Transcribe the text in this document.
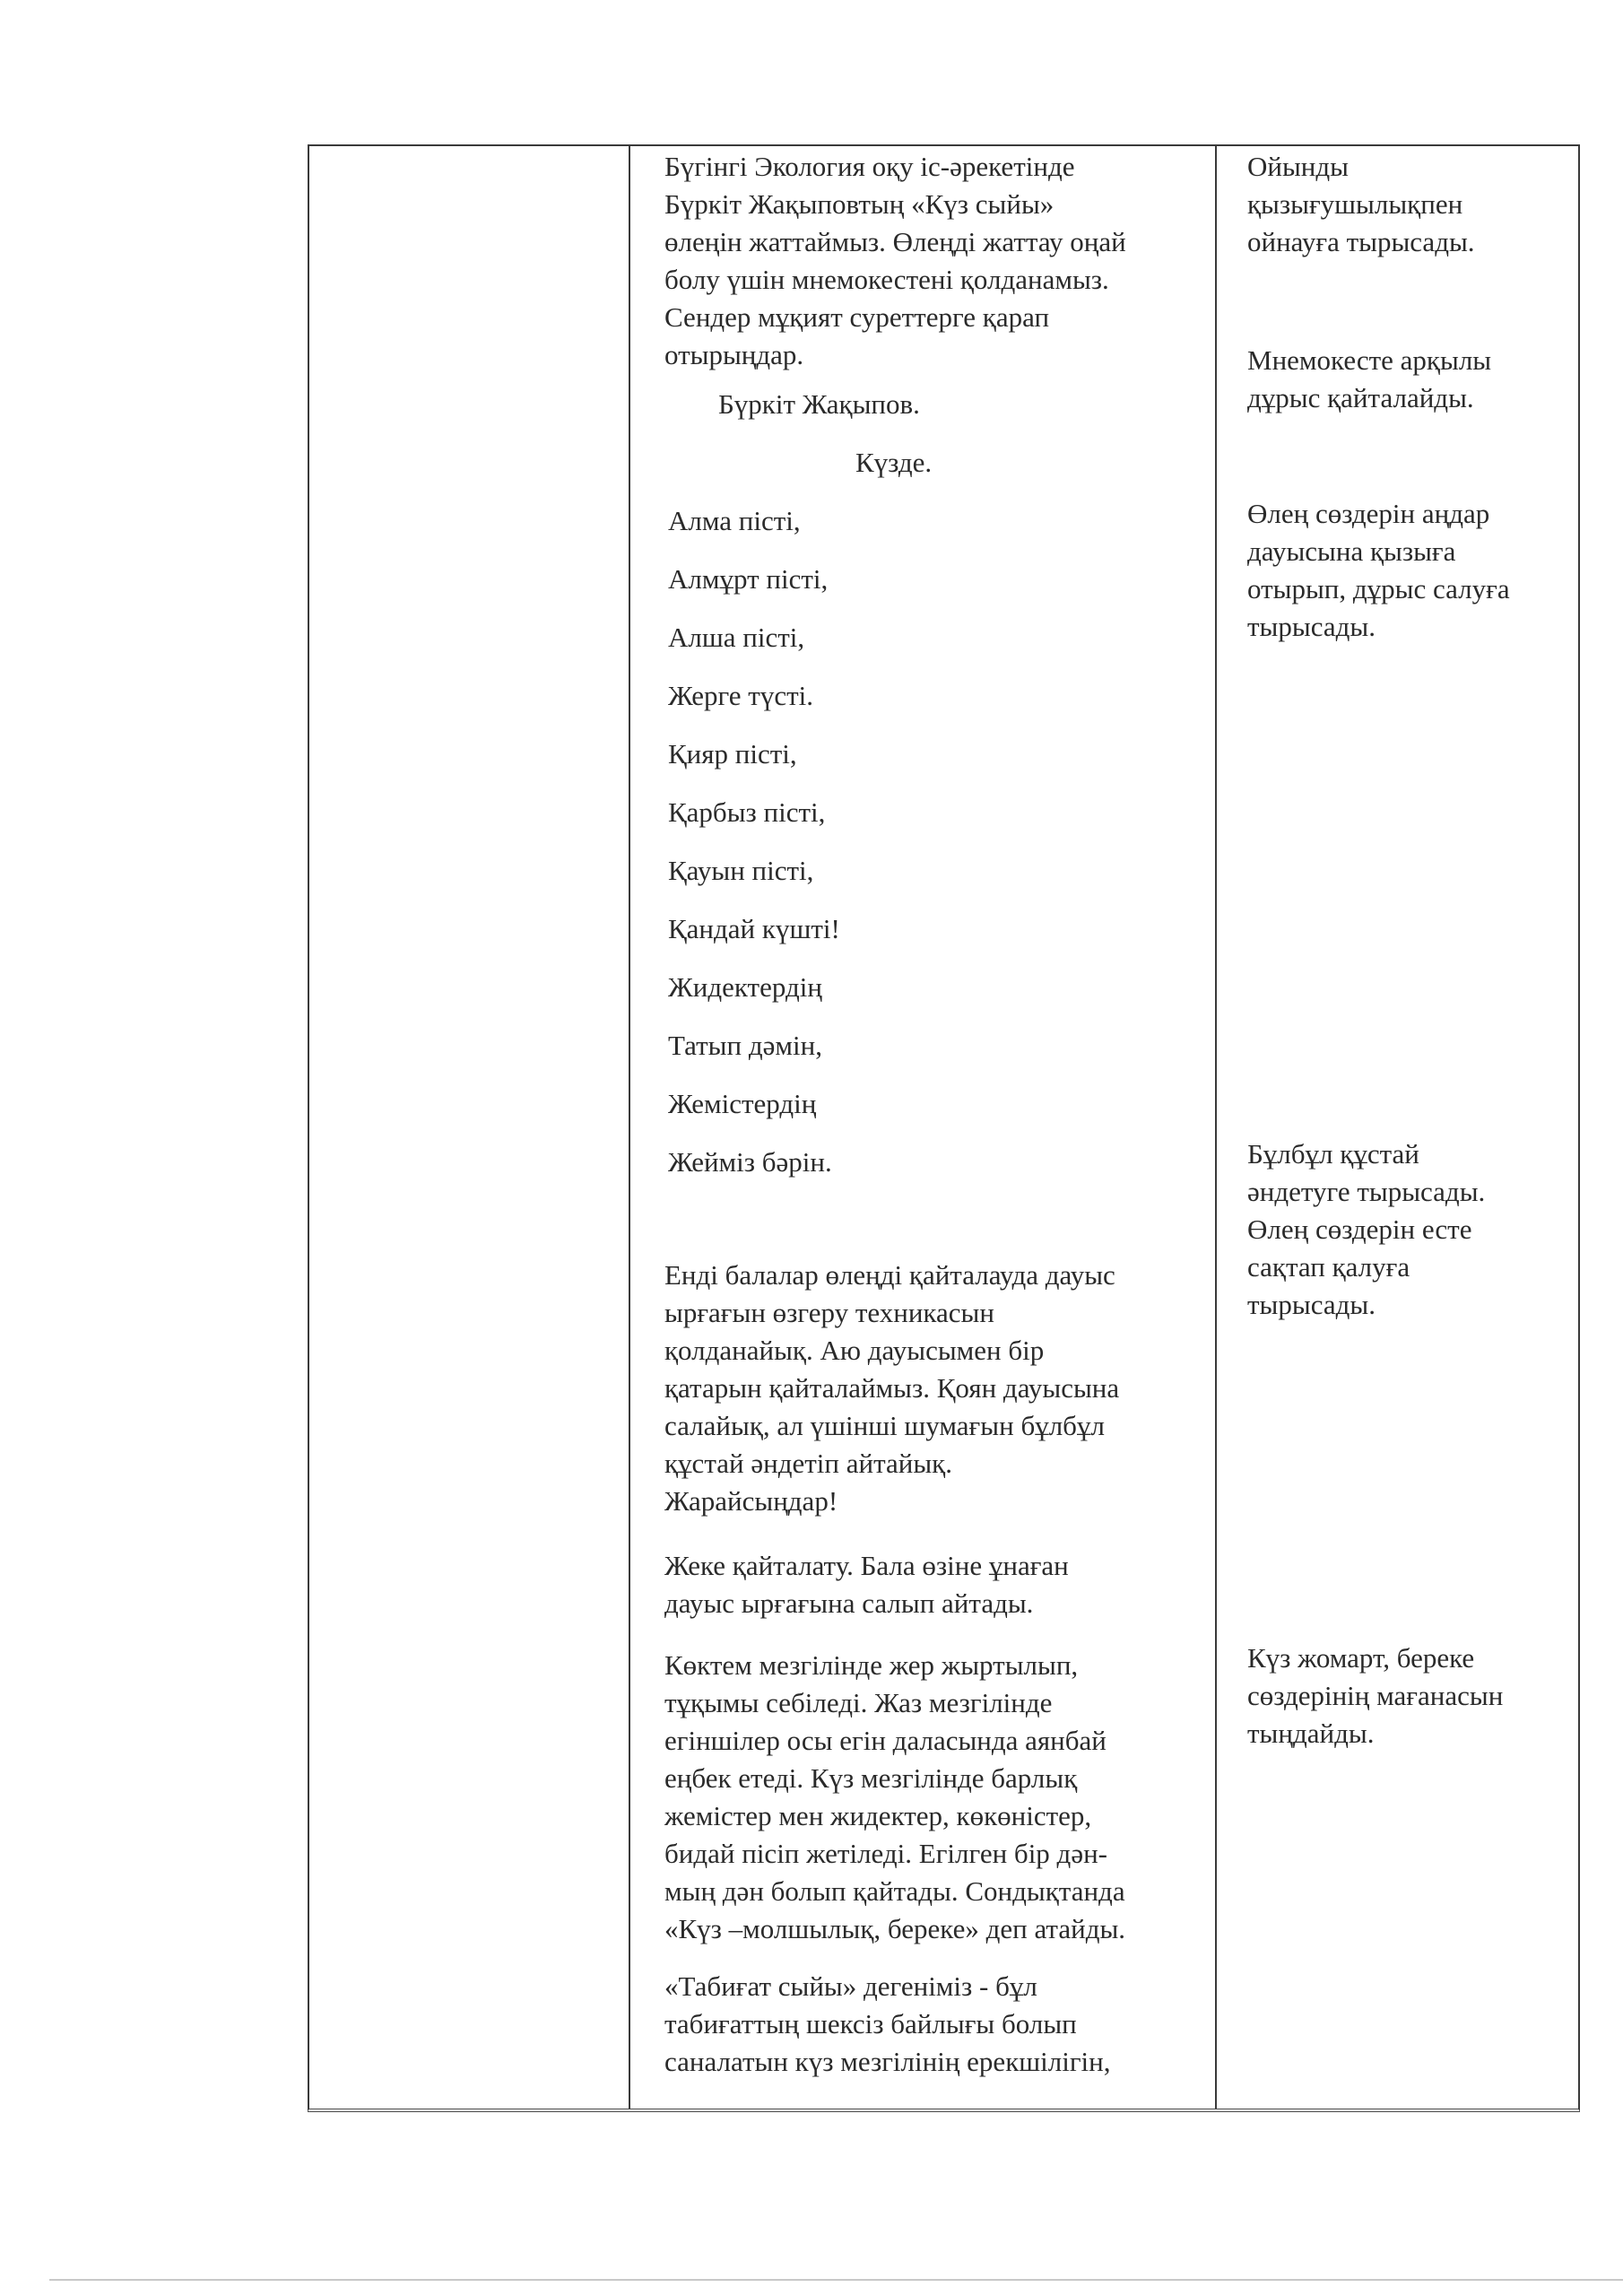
Бүгінгі Экология оқу іс-әрекетінде

Бүркіт Жақыповтың «Күз сыйы»

өлеңін жаттаймыз. Өлеңді жаттау оңай

болу үшін мнемокестені қолданамыз.

Сендер мұқият суреттерге қарап

отырыңдар.

Бүркіт Жақыпов.
Күзде.
Алма пісті,
Алмұрт пісті,
Алша пісті,
Жерге түсті.
Қияр пісті,
Қарбыз пісті,
Қауын пісті,
Қандай күшті!
Жидектердің
Татып дәмін,
Жемістердің
Жейміз бәрін.

Енді балалар өлеңді қайталауда дауыс

ырғағын өзгеру техникасын

қолданайық. Аю дауысымен бір

қатарын қайталаймыз. Қоян дауысына

салайық, ал үшінші шумағын бұлбұл

құстай әндетіп айтайық.

Жарайсыңдар!

Жеке қайталату. Бала өзіне ұнаған

дауыс ырғағына салып айтады.

Көктем мезгілінде жер жыртылып,

тұқымы себіледі. Жаз мезгілінде

егіншілер осы егін даласында аянбай

еңбек етеді. Күз мезгілінде барлық

жемістер мен жидектер, көкөністер,

бидай пісіп жетіледі. Егілген бір дән-

мың дән болып қайтады. Сондықтанда

«Күз –молшылық, береке» деп атайды.

«Табиғат сыйы» дегеніміз - бұл

табиғаттың шексіз байлығы болып

саналатын күз мезгілінің ерекшілігін,

Ойынды

қызығушылықпен

ойнауға тырысады.

Мнемокесте арқылы

дұрыс қайталайды.

Өлең сөздерін аңдар

дауысына қызыға

отырып, дұрыс салуға

тырысады.

Бұлбұл құстай

әндетуге тырысады.

Өлең сөздерін есте

сақтап қалуға

тырысады.

Күз жомарт, береке

сөздерінің мағанасын

тыңдайды.
